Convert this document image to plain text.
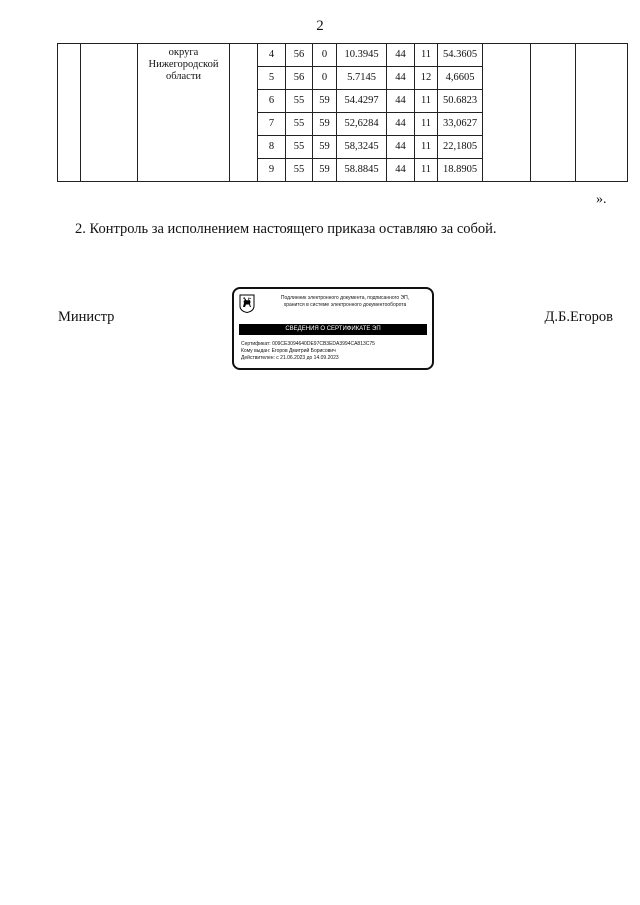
2

		округа
Нижегородской
области		4	56	0	10.3945	44	11	54.3605			
				5	56	0	5.7145	44	12	4,6605			
				6	55	59	54.4297	44	11	50.6823			
				7	55	59	52,6284	44	11	33,0627			
				8	55	59	58,3245	44	11	22,1805			
				9	55	59	58.8845	44	11	18.8905			
».
2. Контроль за исполнением настоящего приказа оставляю за собой.
Министр
Подлинник электронного документа, подписанного ЭП,
хранится в системе электронного документооборота
СВЕДЕНИЯ О СЕРТИФИКАТЕ ЭП
Сертификат: 009CE3094640DE97CB3EDA3994CA813C75
Кому выдан: Егоров Дмитрий Борисович
Действителен: с 21.06.2023 до 14.09.2023
Д.Б.Егоров
